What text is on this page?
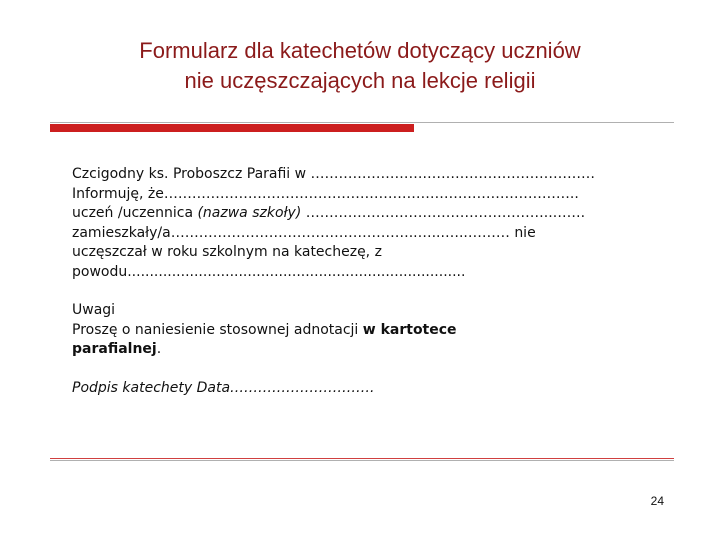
Formularz dla katechetów dotyczący uczniów
nie uczęszczających na lekcje religii
Czcigodny ks. Proboszcz Parafii w …………………….………………………………
Informuję, że……………………………………………………………………………..
uczeń /uczennica (nazwa szkoły) ……………………………………………..…….
zamieszkały/a……………………………………………..…...…..……… nie
uczęszczał w roku szkolnym na katechezę, z
powodu............................................................................
Uwagi
Proszę o naniesienie stosownej adnotacji w kartotece
parafialnej.
Podpis katechety Data………………………….
24
